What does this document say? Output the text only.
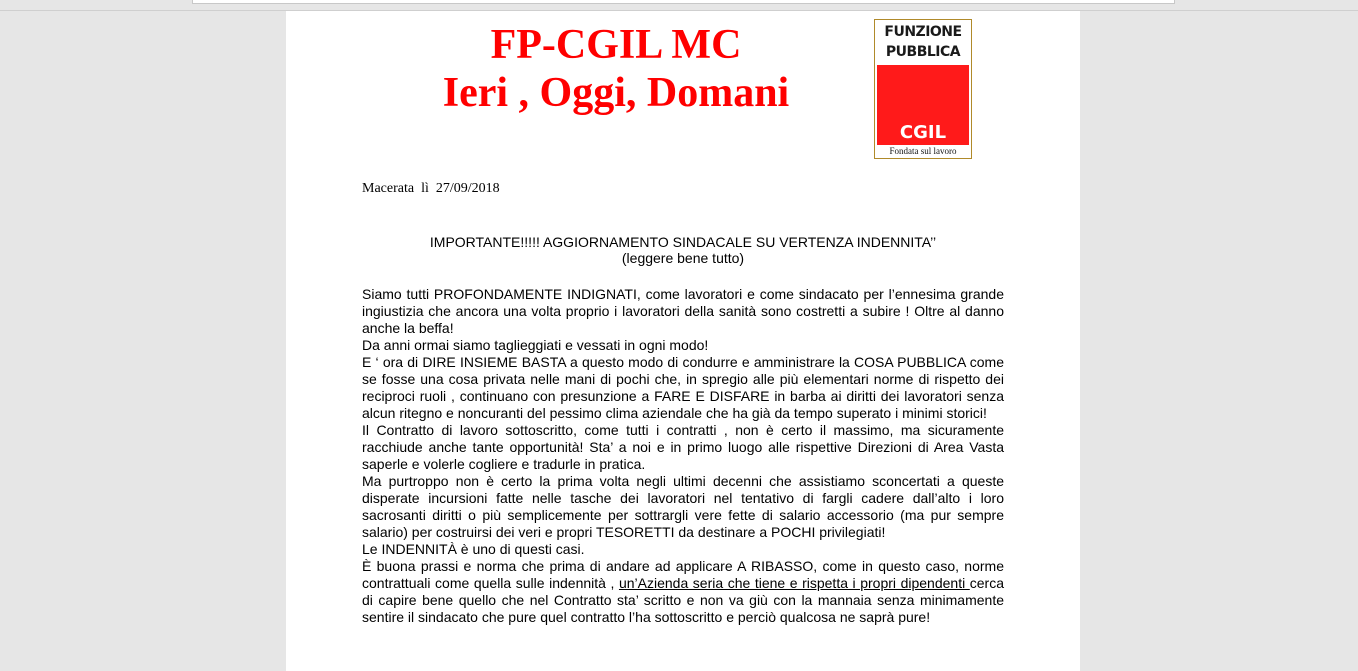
FP-CGIL MC
Ieri , Oggi, Domani
FUNZIONE
PUBBLICA
CGIL
Fondata sul lavoro
Macerata  lì  27/09/2018
IMPORTANTE!!!!! AGGIORNAMENTO SINDACALE SU VERTENZA INDENNITA’’
(leggere bene tutto)

Siamo tutti PROFONDAMENTE INDIGNATI, come lavoratori e come sindacato per l’ennesima grande ingiustizia che ancora una volta proprio i lavoratori della sanità sono costretti a subire ! Oltre al danno anche la beffa!

Da anni ormai siamo taglieggiati e vessati in ogni modo!

E ‘ ora di DIRE INSIEME BASTA a questo modo di condurre e amministrare la COSA PUBBLICA come se fosse una cosa privata nelle mani di pochi che, in spregio alle più elementari norme di rispetto dei reciproci ruoli , continuano con presunzione a FARE E DISFARE in barba ai diritti dei lavoratori senza alcun ritegno e noncuranti del pessimo clima aziendale che ha già da tempo superato i minimi storici!

Il Contratto di lavoro sottoscritto, come tutti i contratti , non è certo il massimo, ma sicuramente racchiude anche tante opportunità! Sta’ a noi e in primo luogo alle rispettive Direzioni di Area Vasta saperle e volerle cogliere e tradurle in pratica.

Ma purtroppo non è certo la prima volta negli ultimi decenni che assistiamo sconcertati a queste disperate incursioni fatte nelle tasche dei lavoratori nel tentativo di fargli cadere dall’alto i loro sacrosanti diritti o più semplicemente per sottrargli vere fette di salario accessorio (ma pur sempre salario) per costruirsi dei veri e propri TESORETTI da destinare a POCHI privilegiati!

Le INDENNITÀ è uno di questi casi.

È buona prassi e norma che prima di andare ad applicare A RIBASSO, come in questo caso, norme contrattuali come quella sulle indennità , un’Azienda seria che tiene e rispetta i propri dipendenti cerca di capire bene quello che nel Contratto sta’ scritto e non va giù con la mannaia senza minimamente sentire il sindacato che pure quel contratto l’ha sottoscritto e perciò qualcosa ne saprà pure!
